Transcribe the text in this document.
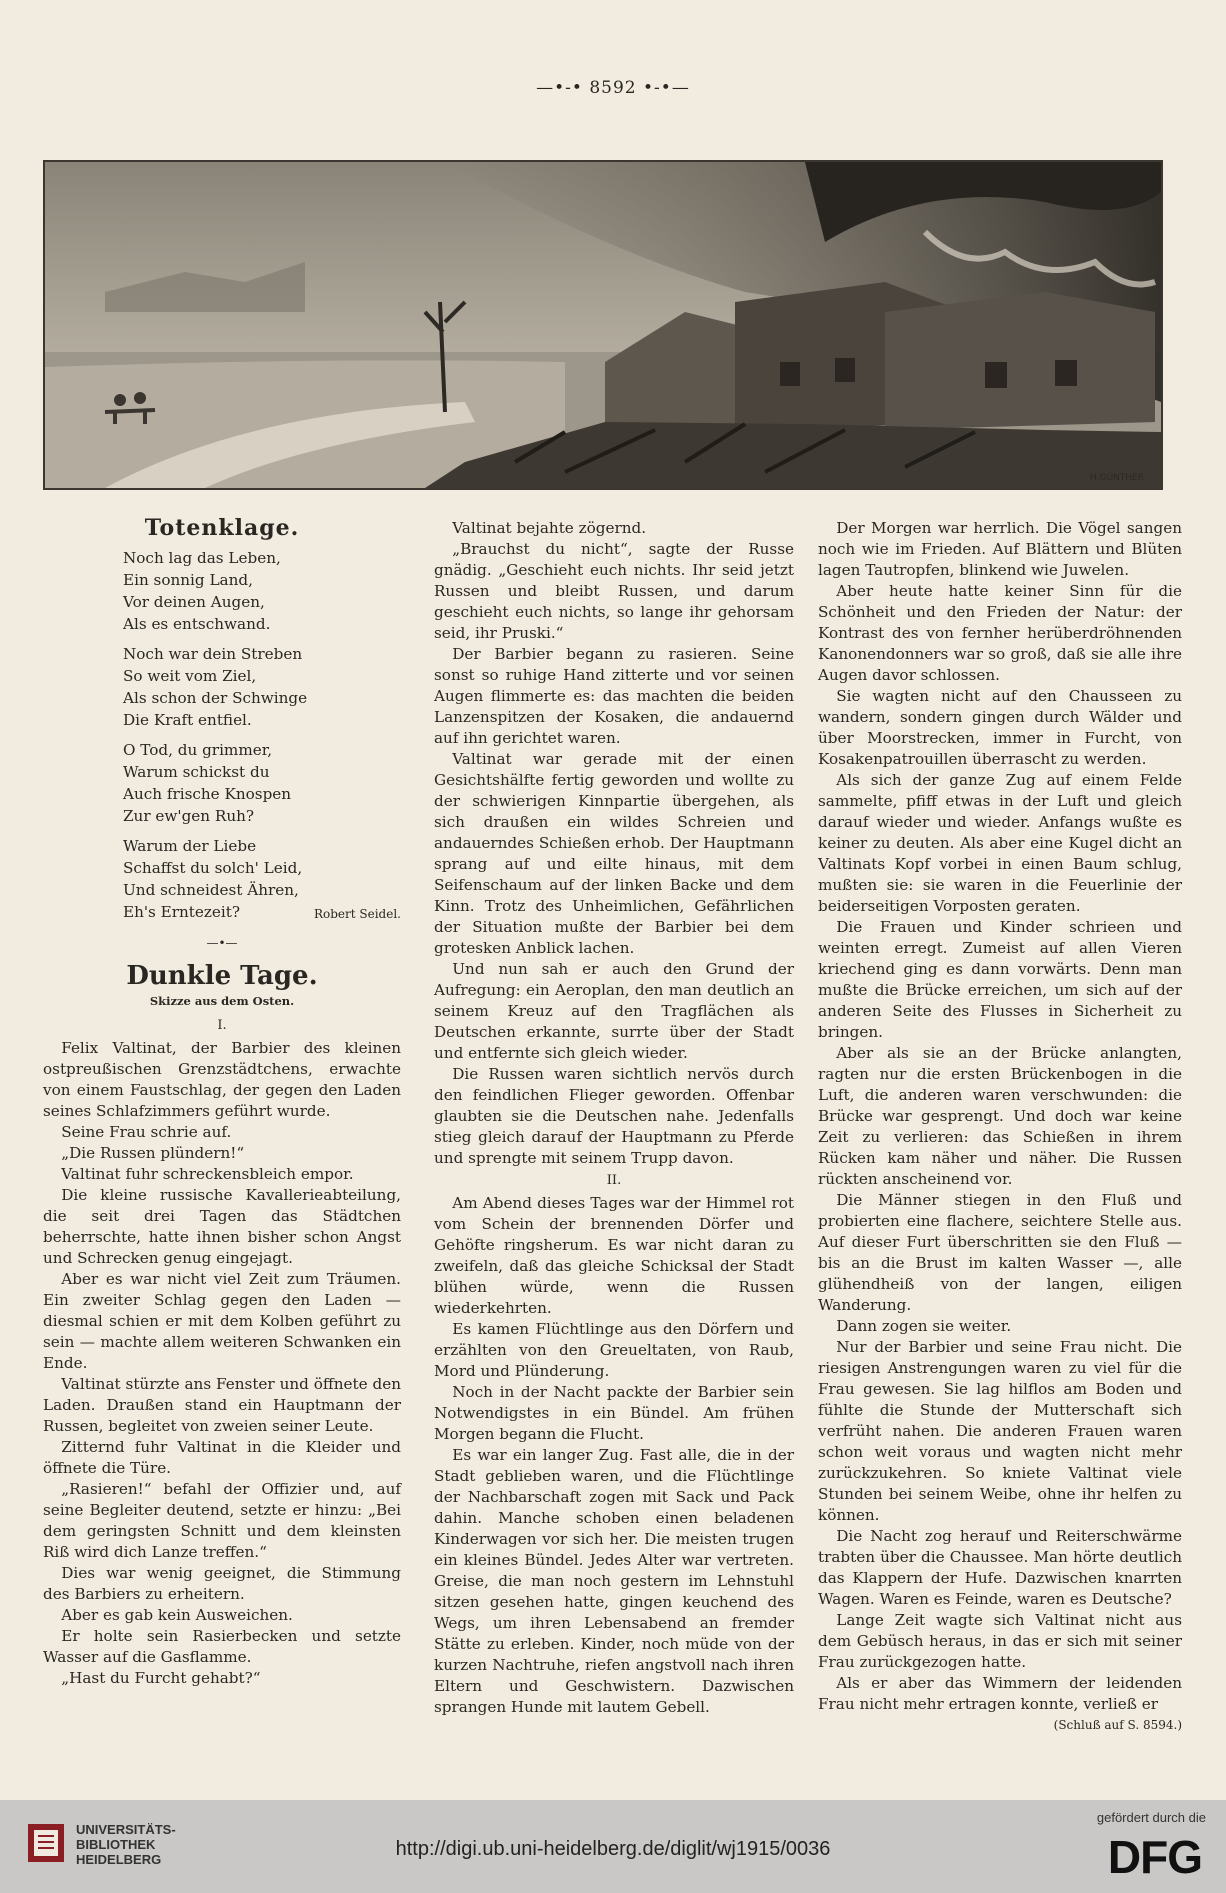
—•-• 8592 •-•—
H.GÜNTHER
Totenklage.
Noch lag das Leben,
Ein sonnig Land,
Vor deinen Augen,
Als es entschwand.
Noch war dein Streben
So weit vom Ziel,
Als schon der Schwinge
Die Kraft entfiel.
O Tod, du grimmer,
Warum schickst du
Auch frische Knospen
Zur ew'gen Ruh?
Warum der Liebe
Schaffst du solch' Leid,
Und schneidest Ähren,
Eh's Erntezeit?	Robert Seidel.
—•—
Dunkle Tage.
Skizze aus dem Osten.
I.

Felix Valtinat, der Barbier des kleinen ostpreußischen Grenzstädtchens, erwachte von einem Faustschlag, der gegen den Laden seines Schlafzimmers geführt wurde.

Seine Frau schrie auf.

„Die Russen plündern!“

Valtinat fuhr schreckensbleich empor.

Die kleine russische Kavallerieabteilung, die seit drei Tagen das Städtchen beherrschte, hatte ihnen bisher schon Angst und Schrecken genug eingejagt.

Aber es war nicht viel Zeit zum Träumen. Ein zweiter Schlag gegen den Laden — diesmal schien er mit dem Kolben geführt zu sein — machte allem weiteren Schwanken ein Ende.

Valtinat stürzte ans Fenster und öffnete den Laden. Draußen stand ein Hauptmann der Russen, begleitet von zweien seiner Leute.

Zitternd fuhr Valtinat in die Kleider und öffnete die Türe.

„Rasieren!“ befahl der Offizier und, auf seine Begleiter deutend, setzte er hinzu: „Bei dem geringsten Schnitt und dem kleinsten Riß wird dich Lanze treffen.“

Dies war wenig geeignet, die Stimmung des Barbiers zu erheitern.

Aber es gab kein Ausweichen.

Er holte sein Rasierbecken und setzte Wasser auf die Gasflamme.

„Hast du Furcht gehabt?“

Valtinat bejahte zögernd.

„Brauchst du nicht“, sagte der Russe gnädig. „Geschieht euch nichts. Ihr seid jetzt Russen und bleibt Russen, und darum geschieht euch nichts, so lange ihr gehorsam seid, ihr Pruski.“

Der Barbier begann zu rasieren. Seine sonst so ruhige Hand zitterte und vor seinen Augen flimmerte es: das machten die beiden Lanzenspitzen der Kosaken, die andauernd auf ihn gerichtet waren.

Valtinat war gerade mit der einen Gesichtshälfte fertig geworden und wollte zu der schwierigen Kinnpartie übergehen, als sich draußen ein wildes Schreien und andauerndes Schießen erhob. Der Hauptmann sprang auf und eilte hinaus, mit dem Seifenschaum auf der linken Backe und dem Kinn. Trotz des Unheimlichen, Gefährlichen der Situation mußte der Barbier bei dem grotesken Anblick lachen.

Und nun sah er auch den Grund der Aufregung: ein Aeroplan, den man deutlich an seinem Kreuz auf den Tragflächen als Deutschen erkannte, surrte über der Stadt und entfernte sich gleich wieder.

Die Russen waren sichtlich nervös durch den feindlichen Flieger geworden. Offenbar glaubten sie die Deutschen nahe. Jedenfalls stieg gleich darauf der Hauptmann zu Pferde und sprengte mit seinem Trupp davon.

II.

Am Abend dieses Tages war der Himmel rot vom Schein der brennenden Dörfer und Gehöfte ringsherum. Es war nicht daran zu zweifeln, daß das gleiche Schicksal der Stadt blühen würde, wenn die Russen wiederkehrten.

Es kamen Flüchtlinge aus den Dörfern und erzählten von den Greueltaten, von Raub, Mord und Plünderung.

Noch in der Nacht packte der Barbier sein Notwendigstes in ein Bündel. Am frühen Morgen begann die Flucht.

Es war ein langer Zug. Fast alle, die in der Stadt geblieben waren, und die Flüchtlinge der Nachbarschaft zogen mit Sack und Pack dahin. Manche schoben einen beladenen Kinderwagen vor sich her. Die meisten trugen ein kleines Bündel. Jedes Alter war vertreten. Greise, die man noch gestern im Lehnstuhl sitzen gesehen hatte, gingen keuchend des Wegs, um ihren Lebensabend an fremder Stätte zu erleben. Kinder, noch müde von der kurzen Nachtruhe, riefen angstvoll nach ihren Eltern und Geschwistern. Dazwischen sprangen Hunde mit lautem Gebell.

Der Morgen war herrlich. Die Vögel sangen noch wie im Frieden. Auf Blättern und Blüten lagen Tautropfen, blinkend wie Juwelen.

Aber heute hatte keiner Sinn für die Schönheit und den Frieden der Natur: der Kontrast des von fernher herüberdröhnenden Kanonendonners war so groß, daß sie alle ihre Augen davor schlossen.

Sie wagten nicht auf den Chausseen zu wandern, sondern gingen durch Wälder und über Moorstrecken, immer in Furcht, von Kosakenpatrouillen überrascht zu werden.

Als sich der ganze Zug auf einem Felde sammelte, pfiff etwas in der Luft und gleich darauf wieder und wieder. Anfangs wußte es keiner zu deuten. Als aber eine Kugel dicht an Valtinats Kopf vorbei in einen Baum schlug, mußten sie: sie waren in die Feuerlinie der beiderseitigen Vorposten geraten.

Die Frauen und Kinder schrieen und weinten erregt. Zumeist auf allen Vieren kriechend ging es dann vorwärts. Denn man mußte die Brücke erreichen, um sich auf der anderen Seite des Flusses in Sicherheit zu bringen.

Aber als sie an der Brücke anlangten, ragten nur die ersten Brückenbogen in die Luft, die anderen waren verschwunden: die Brücke war gesprengt. Und doch war keine Zeit zu verlieren: das Schießen in ihrem Rücken kam näher und näher. Die Russen rückten anscheinend vor.

Die Männer stiegen in den Fluß und probierten eine flachere, seichtere Stelle aus. Auf dieser Furt überschritten sie den Fluß — bis an die Brust im kalten Wasser —, alle glühendheiß von der langen, eiligen Wanderung.

Dann zogen sie weiter.

Nur der Barbier und seine Frau nicht. Die riesigen Anstrengungen waren zu viel für die Frau gewesen. Sie lag hilflos am Boden und fühlte die Stunde der Mutterschaft sich verfrüht nahen. Die anderen Frauen waren schon weit voraus und wagten nicht mehr zurückzukehren. So kniete Valtinat viele Stunden bei seinem Weibe, ohne ihr helfen zu können.

Die Nacht zog herauf und Reiterschwärme trabten über die Chaussee. Man hörte deutlich das Klappern der Hufe. Dazwischen knarrten Wagen. Waren es Feinde, waren es Deutsche?

Lange Zeit wagte sich Valtinat nicht aus dem Gebüsch heraus, in das er sich mit seiner Frau zurückgezogen hatte.

Als er aber das Wimmern der leidenden Frau nicht mehr ertragen konnte, verließ er

(Schluß auf S. 8594.)
UNIVERSITÄTS-
BIBLIOTHEK
HEIDELBERG	http://digi.ub.uni-heidelberg.de/diglit/wj1915/0036
gefördert durch die
DFG
